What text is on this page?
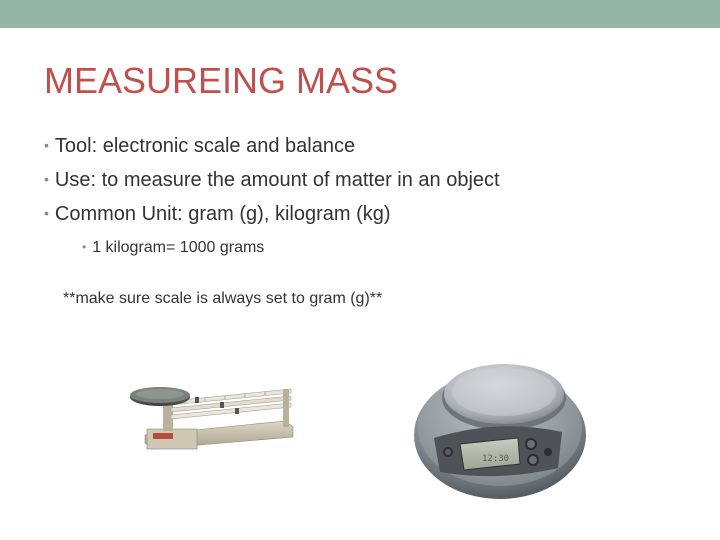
MEASUREING MASS
• Tool: electronic scale and balance
• Use: to measure the amount of matter in an object
• Common Unit: gram (g), kilogram (kg)
• 1 kilogram= 1000 grams
**make sure scale is always set to gram (g)**
12:30
